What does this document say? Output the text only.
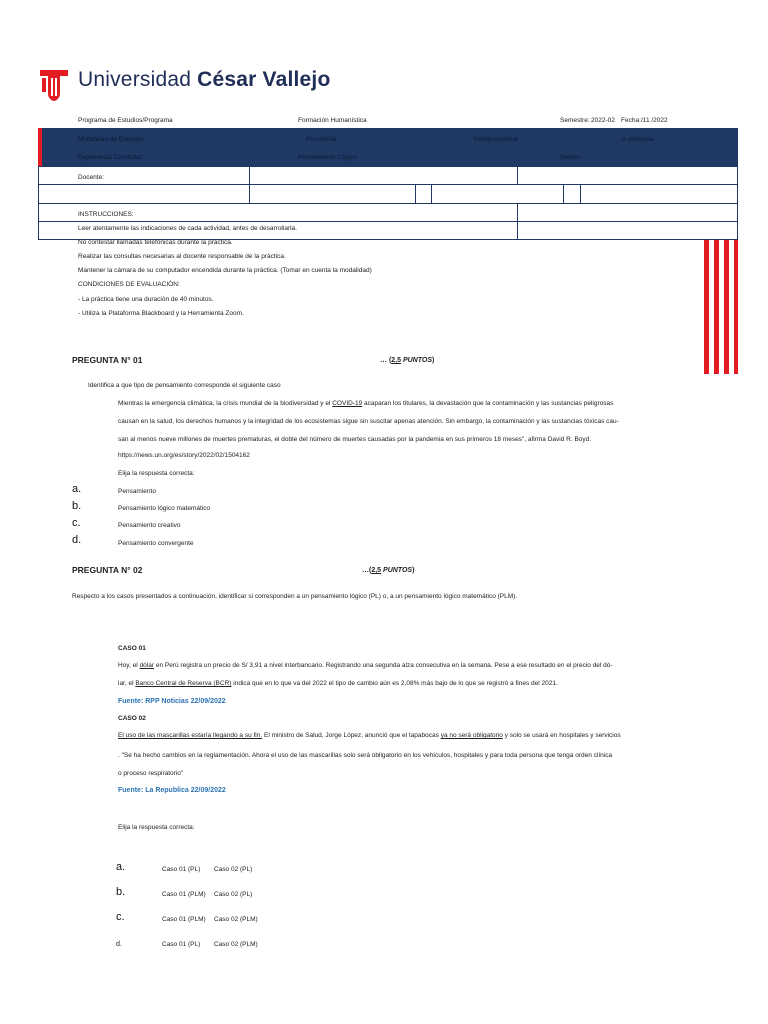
Universidad César Vallejo
Programa de Estudios/Programa	Formación Humanística	Semestre: 2022-02 Fecha: /11 /2022
Modalidad de Estudios	Presencial	Semipresencial	A distancia
Experiencia Curricular:	Pensamiento Lógico	Sesión:
Docente:
INSTRUCCIONES:
Leer atentamente las indicaciones de cada actividad, antes de desarrollarla.
No contestar llamadas telefónicas durante la práctica.
Realizar las consultas necesarias al docente responsable de la práctica.
Mantener la cámara de su computador encendida durante la práctica. (Tomar en cuenta la modalidad)
CONDICIONES DE EVALUACIÓN:
- La práctica tiene una duración de 40 minutos.
- Utiliza la Plataforma Blackboard y la Herramienta Zoom.
PREGUNTA N° 01	… (2,5 PUNTOS)
Identifica a que tipo de pensamiento corresponde el siguiente caso
Mientras la emergencia climática, la crisis mundial de la biodiversidad y el COVID-19 acaparan los titulares, la devastación que la contaminación y las sustancias peligrosas
causan en la salud, los derechos humanos y la integridad de los ecosistemas sigue sin suscitar apenas atención. Sin embargo, la contaminación y las sustancias tóxicas cau-
san al menos nueve millones de muertes prematuras, el doble del número de muertes causadas por la pandemia en sus primeros 18 meses", afirma David R. Boyd.
https://news.un.org/es/story/2022/02/1504162
Elija la respuesta correcta:
a.	Pensamiento
b.	Pensamiento lógico matemático
c.	Pensamiento creativo
d.	Pensamiento convergente
PREGUNTA N° 02	…(2,5 PUNTOS)
Respecto a los casos presentados a continuación, identificar si corresponden a un pensamiento lógico (PL) o, a un pensamiento lógico matemático (PLM).
CASO 01
Hoy, el dólar en Perú registra un precio de S/ 3,91 a nivel interbancario. Registrando una segunda alza consecutiva en la semana. Pese a ese resultado en el precio del dó-
lar, el Banco Central de Reserva (BCR) indica que en lo que va del 2022 el tipo de cambio aún es 2,08% más bajo de lo que se registró a fines del 2021.
Fuente: RPP Noticias 22/09/2022
CASO 02
El uso de las mascarillas estaría llegando a su fin. El ministro de Salud, Jorge López, anunció que el tapabocas ya no será obligatorio y solo se usará en hospitales y servicios
. "Se ha hecho cambios en la reglamentación. Ahora el uso de las mascarillas solo será obligatorio en los vehículos, hospitales y para toda persona que tenga orden clínica
o proceso respiratorio"
Fuente: La Republica 22/09/2022
Elija la respuesta correcta:
a.	Caso 01 (PL) Caso 02 (PL)
b.	Caso 01 (PLM) Caso 02 (PL)
c.	Caso 01 (PLM) Caso 02 (PLM)
d.	Caso 01 (PL) Caso 02 (PLM)
